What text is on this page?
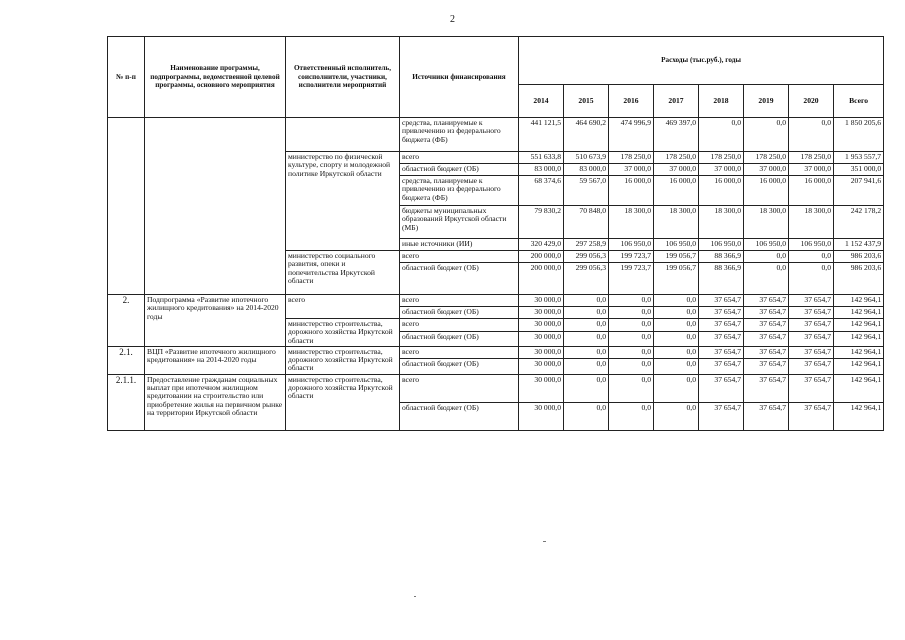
2
№ п-п	Наименование программы, подпрограммы, ведомственной целевой программы, основного мероприятия	Ответственный исполнитель, соисполнители, участники, исполнители мероприятий	Источники финансирования	Расходы (тыс.руб.), годы							
				2014	2015	2016	2017	2018	2019	2020	Всего
			средства, планируемые к привлечению из федерального бюджета (ФБ)	441 121,5	464 690,2	474 996,9	469 397,0	0,0	0,0	0,0	1 850 205,6
		министерство по физической культуре, спорту и молодежной политике Иркутской области	всего	551 633,8	510 673,9	178 250,0	178 250,0	178 250,0	178 250,0	178 250,0	1 953 557,7
			областной бюджет (ОБ)	83 000,0	83 000,0	37 000,0	37 000,0	37 000,0	37 000,0	37 000,0	351 000,0
			средства, планируемые к привлечению из федерального бюджета (ФБ)	68 374,6	59 567,0	16 000,0	16 000,0	16 000,0	16 000,0	16 000,0	207 941,6
			бюджеты муниципальных образований Иркутской области (МБ)	79 830,2	70 848,0	18 300,0	18 300,0	18 300,0	18 300,0	18 300,0	242 178,2
			иные источники (ИИ)	320 429,0	297 258,9	106 950,0	106 950,0	106 950,0	106 950,0	106 950,0	1 152 437,9
		министерство социального развития, опеки и попечительства Иркутской области	всего	200 000,0	299 056,3	199 723,7	199 056,7	88 366,9	0,0	0,0	986 203,6
			областной бюджет (ОБ)	200 000,0	299 056,3	199 723,7	199 056,7	88 366,9	0,0	0,0	986 203,6
2.	Подпрограмма «Развитие ипотечного жилищного кредитования» на 2014-2020 годы	всего	всего	30 000,0	0,0	0,0	0,0	37 654,7	37 654,7	37 654,7	142 964,1
			областной бюджет (ОБ)	30 000,0	0,0	0,0	0,0	37 654,7	37 654,7	37 654,7	142 964,1
		министерство строительства, дорожного хозяйства Иркутской области	всего	30 000,0	0,0	0,0	0,0	37 654,7	37 654,7	37 654,7	142 964,1
			областной бюджет (ОБ)	30 000,0	0,0	0,0	0,0	37 654,7	37 654,7	37 654,7	142 964,1
2.1.	ВЦП «Развитие ипотечного жилищного кредитования» на 2014-2020 годы	министерство строительства, дорожного хозяйства Иркутской области	всего	30 000,0	0,0	0,0	0,0	37 654,7	37 654,7	37 654,7	142 964,1
			областной бюджет (ОБ)	30 000,0	0,0	0,0	0,0	37 654,7	37 654,7	37 654,7	142 964,1
2.1.1.	Предоставление гражданам социальных выплат при ипотечном жилищном кредитовании на строительство или приобретение жилья на первичном рынке на территории Иркутской области	министерство строительства, дорожного хозяйства Иркутской области	всего	30 000,0	0,0	0,0	0,0	37 654,7	37 654,7	37 654,7	142 964,1
			областной бюджет (ОБ)	30 000,0	0,0	0,0	0,0	37 654,7	37 654,7	37 654,7	142 964,1
